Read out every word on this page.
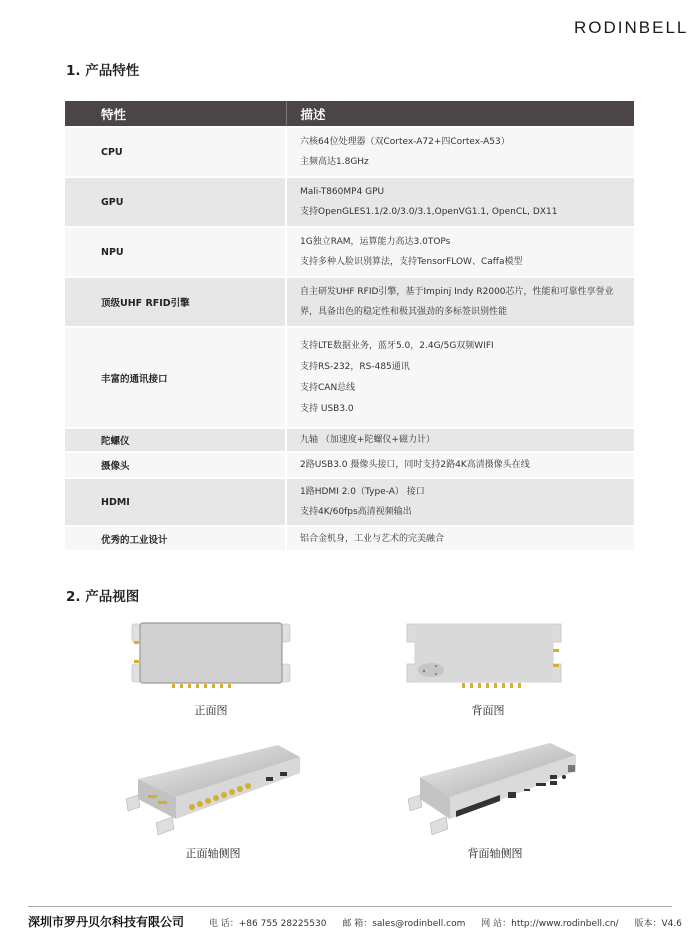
RODINBELL
1. 产品特性
特性	描述
CPU	六核64位处理器（双Cortex-A72+四Cortex-A53）
主频高达1.8GHz

GPU	Mali-T860MP4 GPU
支持OpenGLES1.1/2.0/3.0/3.1,OpenVG1.1, OpenCL, DX11

NPU	1G独立RAM，运算能力高达3.0TOPs
支持多种人脸识别算法，支持TensorFLOW、Caffa模型

顶级UHF RFID引擎	自主研发UHF RFID引擎，基于Impinj Indy R2000芯片，性能和可靠性享誉业
界，具备出色的稳定性和极其强劲的多标签识别性能

丰富的通讯接口	支持LTE数据业务，蓝牙5.0，2.4G/5G双频WIFI
支持RS-232，RS-485通讯
支持CAN总线
支持 USB3.0

陀螺仪	九轴 （加速度+陀螺仪+磁力计）

摄像头	2路USB3.0 摄像头接口，同时支持2路4K高清摄像头在线

HDMI	1路HDMI 2.0（Type-A） 接口
支持4K/60fps高清视频输出

优秀的工业设计	铝合金机身，工业与艺术的完美融合
2. 产品视图
正面图	背面图
正面轴侧图	背面轴侧图
深圳市罗丹贝尔科技有限公司	电 话：+86 755 28225530 邮 箱：sales@rodinbell.com 网 站：http://www.rodinbell.cn/ 版本：V4.6
